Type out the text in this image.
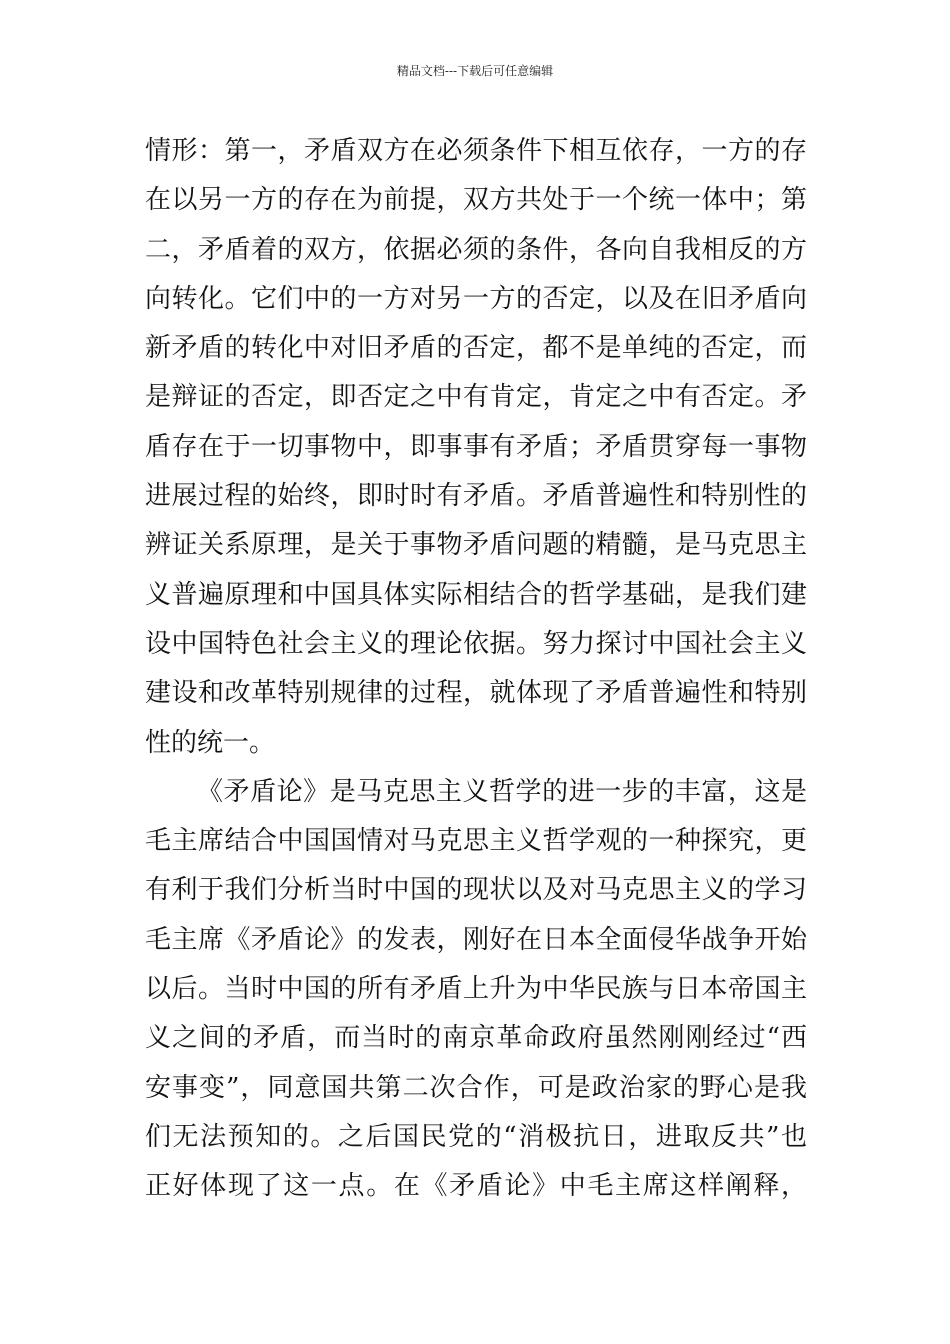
精品文档---下载后可任意编辑
情形：第一，矛盾双方在必须条件下相互依存，一方的存
在以另一方的存在为前提，双方共处于一个统一体中；第
二，矛盾着的双方，依据必须的条件，各向自我相反的方
向转化。它们中的一方对另一方的否定，以及在旧矛盾向
新矛盾的转化中对旧矛盾的否定，都不是单纯的否定，而
是辩证的否定，即否定之中有肯定，肯定之中有否定。矛
盾存在于一切事物中，即事事有矛盾；矛盾贯穿每一事物
进展过程的始终，即时时有矛盾。矛盾普遍性和特别性的
辨证关系原理，是关于事物矛盾问题的精髓，是马克思主
义普遍原理和中国具体实际相结合的哲学基础，是我们建
设中国特色社会主义的理论依据。努力探讨中国社会主义
建设和改革特别规律的过程，就体现了矛盾普遍性和特别
性的统一。
《矛盾论》是马克思主义哲学的进一步的丰富，这是
毛主席结合中国国情对马克思主义哲学观的一种探究，更
有利于我们分析当时中国的现状以及对马克思主义的学习
毛主席《矛盾论》的发表，刚好在日本全面侵华战争开始
以后。当时中国的所有矛盾上升为中华民族与日本帝国主
义之间的矛盾，而当时的南京革命政府虽然刚刚经过“西
安事变”，同意国共第二次合作，可是政治家的野心是我
们无法预知的。之后国民党的“消极抗日，进取反共”也
正好体现了这一点。在《矛盾论》中毛主席这样阐释，
